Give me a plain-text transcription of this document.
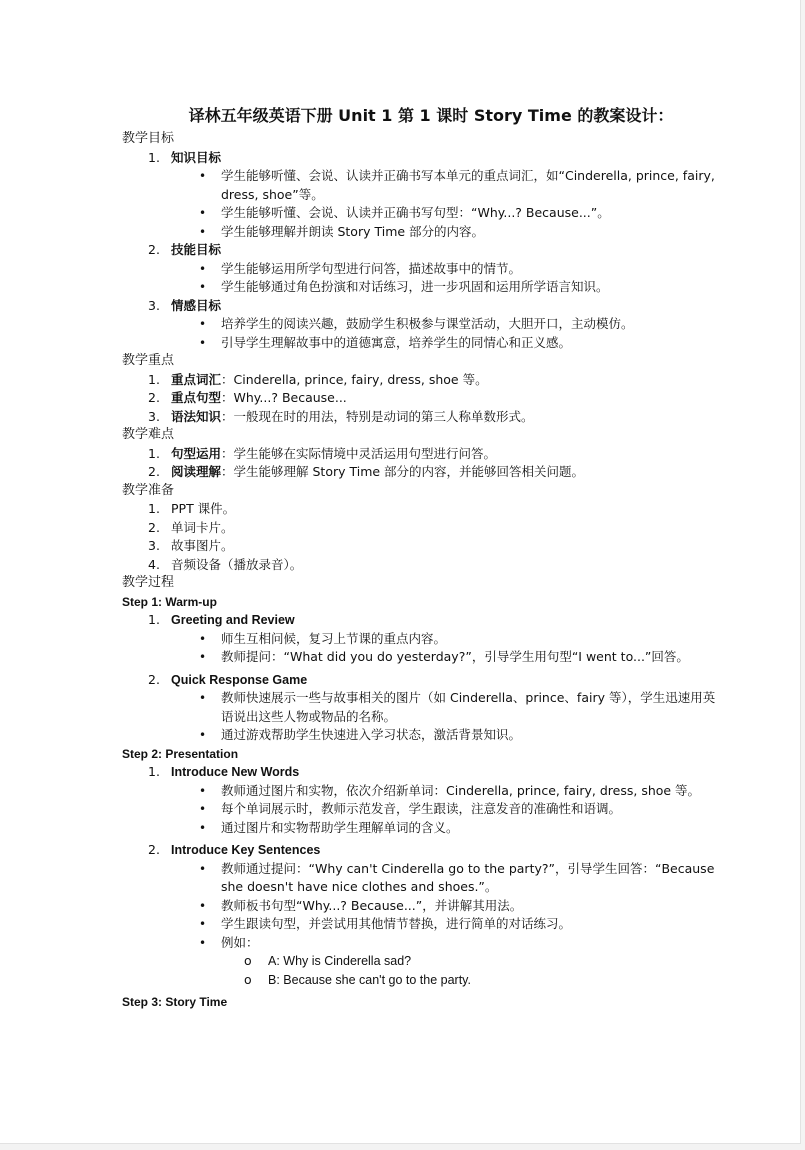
译林五年级英语下册 Unit 1 第 1 课时 Story Time 的教案设计：
教学目标
1. 知识目标
• 学生能够听懂、会说、认读并正确书写本单元的重点词汇，如“Cinderella, prince, fairy, dress, shoe”等。
• 学生能够听懂、会说、认读并正确书写句型：“Why...? Because...”。
• 学生能够理解并朗读 Story Time 部分的内容。
2. 技能目标
• 学生能够运用所学句型进行问答，描述故事中的情节。
• 学生能够通过角色扮演和对话练习，进一步巩固和运用所学语言知识。
3. 情感目标
• 培养学生的阅读兴趣，鼓励学生积极参与课堂活动，大胆开口，主动模仿。
• 引导学生理解故事中的道德寓意，培养学生的同情心和正义感。
教学重点
1. 重点词汇：Cinderella, prince, fairy, dress, shoe 等。
2. 重点句型：Why...? Because...
3. 语法知识：一般现在时的用法，特别是动词的第三人称单数形式。
教学难点
1. 句型运用：学生能够在实际情境中灵活运用句型进行问答。
2. 阅读理解：学生能够理解 Story Time 部分的内容，并能够回答相关问题。
教学准备
1. PPT 课件。
2. 单词卡片。
3. 故事图片。
4. 音频设备（播放录音）。
教学过程
Step 1: Warm-up
1. Greeting and Review
• 师生互相问候，复习上节课的重点内容。
• 教师提问：“What did you do yesterday?”，引导学生用句型“I went to...”回答。
2. Quick Response Game
• 教师快速展示一些与故事相关的图片（如 Cinderella、prince、fairy 等），学生迅速用英语说出这些人物或物品的名称。
• 通过游戏帮助学生快速进入学习状态，激活背景知识。
Step 2: Presentation
1. Introduce New Words
• 教师通过图片和实物，依次介绍新单词：Cinderella, prince, fairy, dress, shoe 等。
• 每个单词展示时，教师示范发音，学生跟读，注意发音的准确性和语调。
• 通过图片和实物帮助学生理解单词的含义。
2. Introduce Key Sentences
• 教师通过提问：“Why can't Cinderella go to the party?”，引导学生回答：“Because she doesn't have nice clothes and shoes.”。
• 教师板书句型“Why...? Because...”，并讲解其用法。
• 学生跟读句型，并尝试用其他情节替换，进行简单的对话练习。
• 例如：
o A: Why is Cinderella sad?
o B: Because she can't go to the party.
Step 3: Story Time
